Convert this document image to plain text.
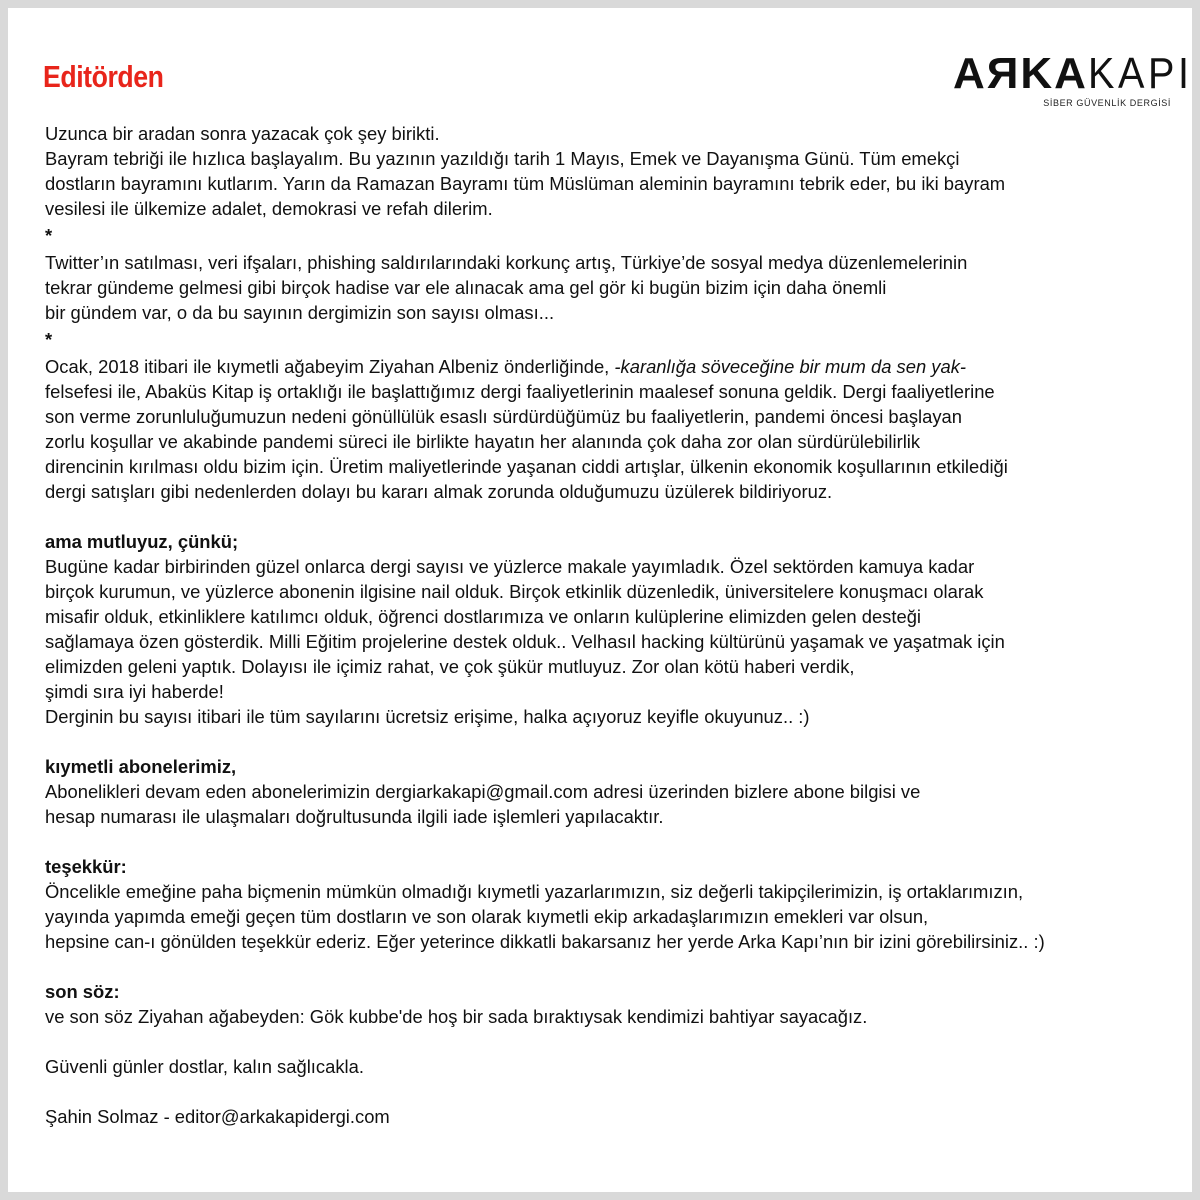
Editörden	AЯKAKAPI
SİBER GÜVENLİK DERGİSİ

Uzunca bir aradan sonra yazacak çok şey birikti.

Bayram tebriği ile hızlıca başlayalım. Bu yazının yazıldığı tarih 1 Mayıs, Emek ve Dayanışma Günü. Tüm emekçi

dostların bayramını kutlarım. Yarın da Ramazan Bayramı tüm Müslüman aleminin bayramını tebrik eder, bu iki bayram

vesilesi ile ülkemize adalet, demokrasi ve refah dilerim.

*

Twitter’ın satılması, veri ifşaları, phishing saldırılarındaki korkunç artış, Türkiye’de sosyal medya düzenlemelerinin

tekrar gündeme gelmesi gibi birçok hadise var ele alınacak ama gel gör ki bugün bizim için daha önemli

bir gündem var, o da bu sayının dergimizin son sayısı olması...

*

Ocak, 2018 itibari ile kıymetli ağabeyim Ziyahan Albeniz önderliğinde, -karanlığa söveceğine bir mum da sen yak-

felsefesi ile, Abaküs Kitap iş ortaklığı ile başlattığımız dergi faaliyetlerinin maalesef sonuna geldik. Dergi faaliyetlerine

son verme zorunluluğumuzun nedeni gönüllülük esaslı sürdürdüğümüz bu faaliyetlerin, pandemi öncesi başlayan

zorlu koşullar ve akabinde pandemi süreci ile birlikte hayatın her alanında çok daha zor olan sürdürülebilirlik

direncinin kırılması oldu bizim için. Üretim maliyetlerinde yaşanan ciddi artışlar, ülkenin ekonomik koşullarının etkilediği

dergi satışları gibi nedenlerden dolayı bu kararı almak zorunda olduğumuzu üzülerek bildiriyoruz.

ama mutluyuz, çünkü;

Bugüne kadar birbirinden güzel onlarca dergi sayısı ve yüzlerce makale yayımladık. Özel sektörden kamuya kadar

birçok kurumun, ve yüzlerce abonenin ilgisine nail olduk. Birçok etkinlik düzenledik, üniversitelere konuşmacı olarak

misafir olduk, etkinliklere katılımcı olduk, öğrenci dostlarımıza ve onların kulüplerine elimizden gelen desteği

sağlamaya özen gösterdik. Milli Eğitim projelerine destek olduk.. Velhasıl hacking kültürünü yaşamak ve yaşatmak için

elimizden geleni yaptık. Dolayısı ile içimiz rahat, ve çok şükür mutluyuz. Zor olan kötü haberi verdik,

şimdi sıra iyi haberde!

Derginin bu sayısı itibari ile tüm sayılarını ücretsiz erişime, halka açıyoruz keyifle okuyunuz.. :)

kıymetli abonelerimiz,

Abonelikleri devam eden abonelerimizin dergiarkakapi@gmail.com adresi üzerinden bizlere abone bilgisi ve

hesap numarası ile ulaşmaları doğrultusunda ilgili iade işlemleri yapılacaktır.

teşekkür:

Öncelikle emeğine paha biçmenin mümkün olmadığı kıymetli yazarlarımızın, siz değerli takipçilerimizin, iş ortaklarımızın,

yayında yapımda emeği geçen tüm dostların ve son olarak kıymetli ekip arkadaşlarımızın emekleri var olsun,

hepsine can-ı gönülden teşekkür ederiz. Eğer yeterince dikkatli bakarsanız her yerde Arka Kapı’nın bir izini görebilirsiniz.. :)

son söz:

ve son söz Ziyahan ağabeyden: Gök kubbe'de hoş bir sada bıraktıysak kendimizi bahtiyar sayacağız.

Güvenli günler dostlar, kalın sağlıcakla.

Şahin Solmaz - editor@arkakapidergi.com
